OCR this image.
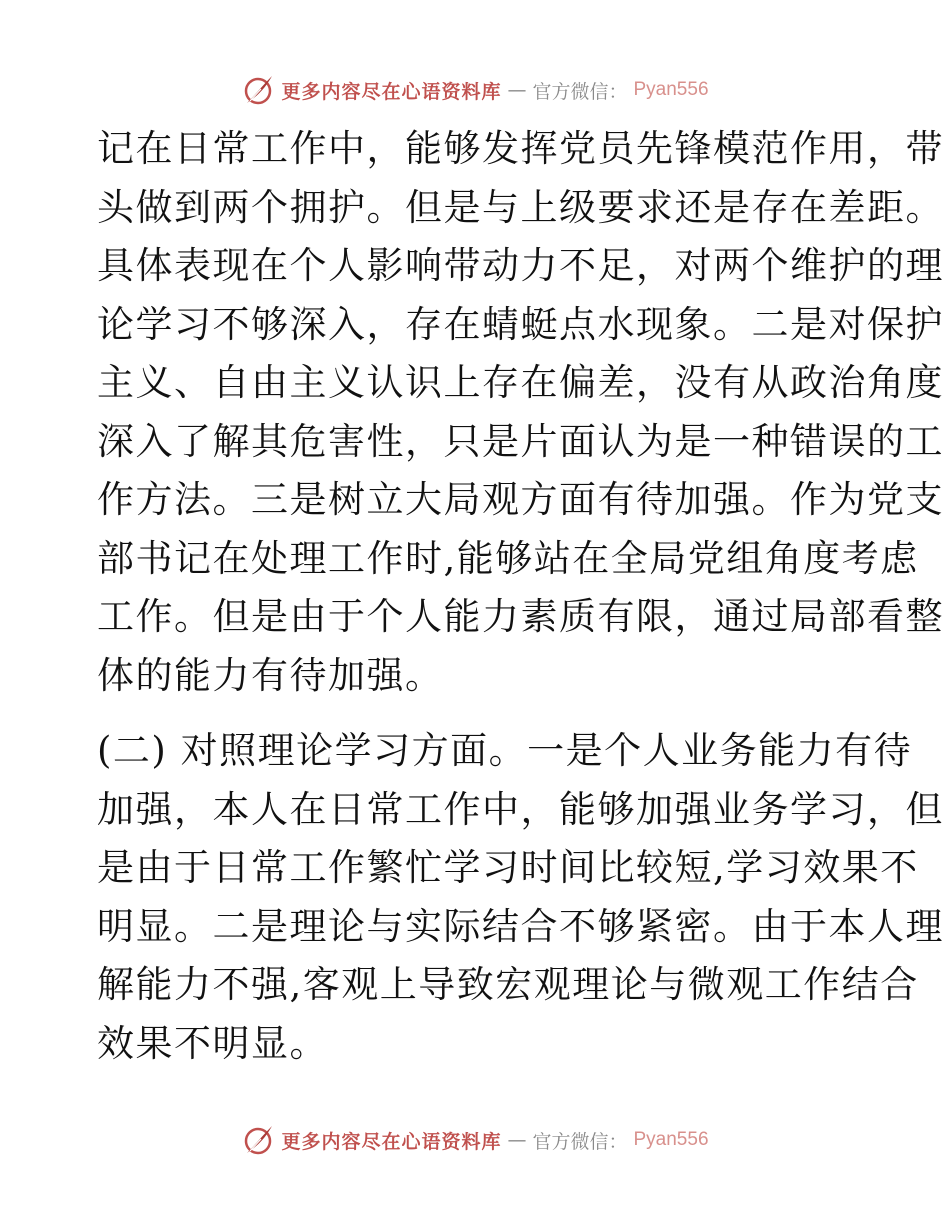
更多内容尽在心语资料库 — 官方微信： Pyan556
记在日常工作中，能够发挥党员先锋模范作用，带
头做到两个拥护。但是与上级要求还是存在差距。
具体表现在个人影响带动力不足，对两个维护的理
论学习不够深入，存在蜻蜓点水现象。二是对保护
主义、自由主义认识上存在偏差，没有从政治角度
深入了解其危害性，只是片面认为是一种错误的工
作方法。三是树立大局观方面有待加强。作为党支
部书记在处理工作时,能够站在全局党组角度考虑
工作。但是由于个人能力素质有限，通过局部看整
体的能力有待加强。
(二) 对照理论学习方面。一是个人业务能力有待
加强，本人在日常工作中，能够加强业务学习，但
是由于日常工作繁忙学习时间比较短,学习效果不
明显。二是理论与实际结合不够紧密。由于本人理
解能力不强,客观上导致宏观理论与微观工作结合
效果不明显。
更多内容尽在心语资料库 — 官方微信： Pyan556
